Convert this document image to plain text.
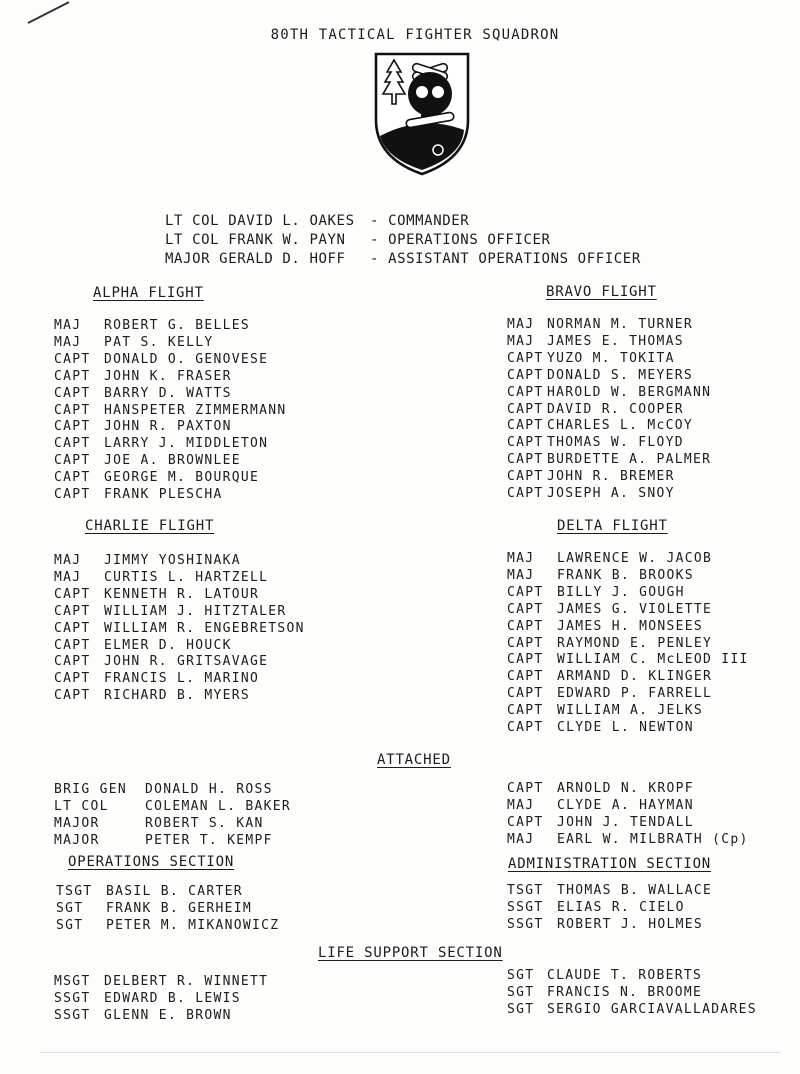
80TH TACTICAL FIGHTER SQUADRON
LT COL DAVID L. OAKES - COMMANDER
LT COL FRANK W. PAYN - OPERATIONS OFFICER
MAJOR GERALD D. HOFF - ASSISTANT OPERATIONS OFFICER
ALPHA FLIGHT	BRAVO FLIGHT
CHARLIE FLIGHT	DELTA FLIGHT
ATTACHED
OPERATIONS SECTION	ADMINISTRATION SECTION
LIFE SUPPORT SECTION
MAJ ROBERT G. BELLES
MAJ PAT S. KELLY
CAPT DONALD O. GENOVESE
CAPT JOHN K. FRASER
CAPT BARRY D. WATTS
CAPT HANSPETER ZIMMERMANN
CAPT JOHN R. PAXTON
CAPT LARRY J. MIDDLETON
CAPT JOE A. BROWNLEE
CAPT GEORGE M. BOURQUE
CAPT FRANK PLESCHA
MAJ NORMAN M. TURNER
MAJ JAMES E. THOMAS
CAPT YUZO M. TOKITA
CAPT DONALD S. MEYERS
CAPT HAROLD W. BERGMANN
CAPT DAVID R. COOPER
CAPT CHARLES L. McCOY
CAPT THOMAS W. FLOYD
CAPT BURDETTE A. PALMER
CAPT JOHN R. BREMER
CAPT JOSEPH A. SNOY
MAJ JIMMY YOSHINAKA
MAJ CURTIS L. HARTZELL
CAPT KENNETH R. LATOUR
CAPT WILLIAM J. HITZTALER
CAPT WILLIAM R. ENGEBRETSON
CAPT ELMER D. HOUCK
CAPT JOHN R. GRITSAVAGE
CAPT FRANCIS L. MARINO
CAPT RICHARD B. MYERS
MAJ LAWRENCE W. JACOB
MAJ FRANK B. BROOKS
CAPT BILLY J. GOUGH
CAPT JAMES G. VIOLETTE
CAPT JAMES H. MONSEES
CAPT RAYMOND E. PENLEY
CAPT WILLIAM C. McLEOD III
CAPT ARMAND D. KLINGER
CAPT EDWARD P. FARRELL
CAPT WILLIAM A. JELKS
CAPT CLYDE L. NEWTON
BRIG GEN DONALD H. ROSS
LT COL	COLEMAN L. BAKER
MAJOR	ROBERT S. KAN
MAJOR	PETER T. KEMPF
CAPT ARNOLD N. KROPF
MAJ CLYDE A. HAYMAN
CAPT JOHN J. TENDALL
MAJ EARL W. MILBRATH (Cp)
TSGT BASIL B. CARTER
SGT FRANK B. GERHEIM
SGT PETER M. MIKANOWICZ
TSGT THOMAS B. WALLACE
SSGT ELIAS R. CIELO
SSGT ROBERT J. HOLMES
MSGT DELBERT R. WINNETT
SSGT EDWARD B. LEWIS
SSGT GLENN E. BROWN
SGT CLAUDE T. ROBERTS
SGT FRANCIS N. BROOME
SGT SERGIO GARCIAVALLADARES
